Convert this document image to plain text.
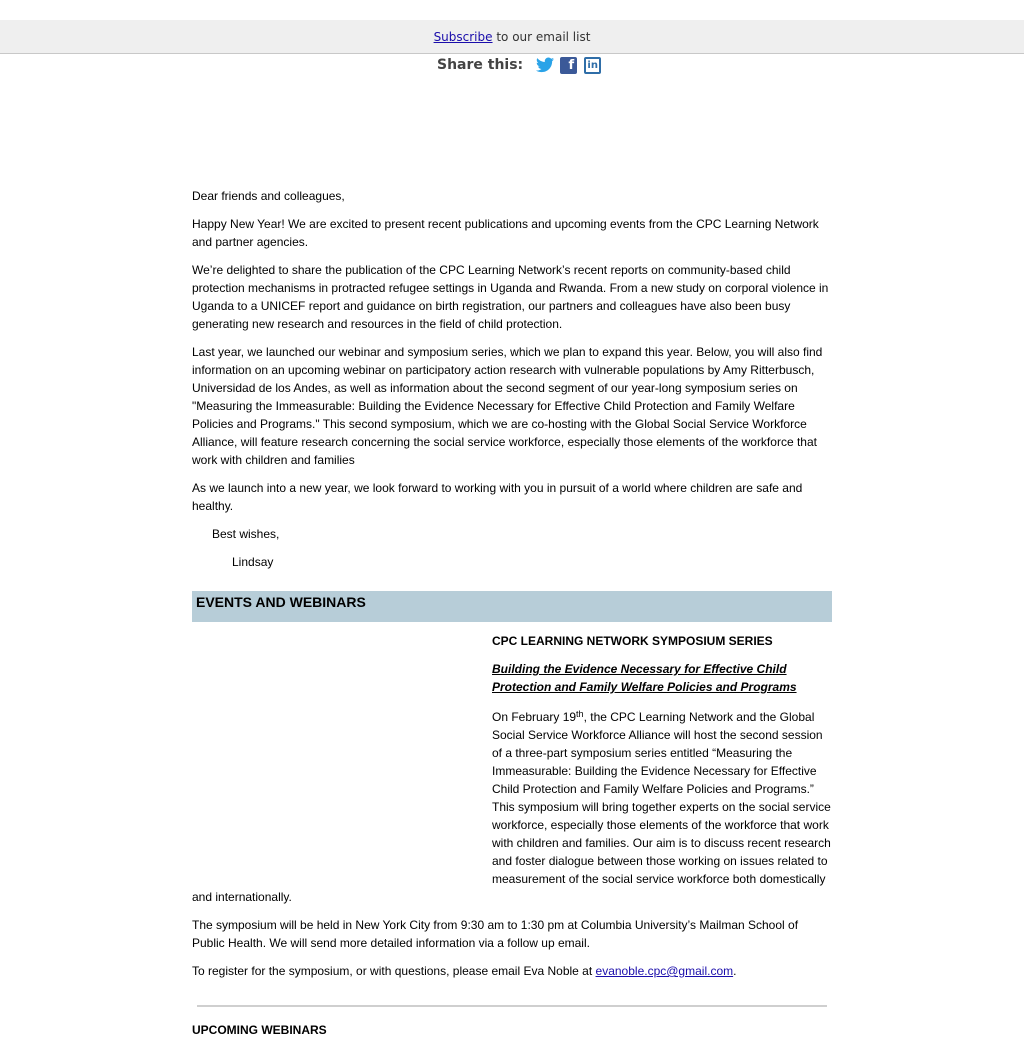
Subscribe to our email list
Share this:	f	in

Dear friends and colleagues,

Happy New Year! We are excited to present recent publications and upcoming events from the CPC Learning Network and partner agencies.

We’re delighted to share the publication of the CPC Learning Network’s recent reports on community-based child protection mechanisms in protracted refugee settings in Uganda and Rwanda. From a new study on corporal violence in Uganda to a UNICEF report and guidance on birth registration, our partners and colleagues have also been busy generating new research and resources in the field of child protection.

Last year, we launched our webinar and symposium series, which we plan to expand this year. Below, you will also find information on an upcoming webinar on participatory action research with vulnerable populations by Amy Ritterbusch, Universidad de los Andes, as well as information about the second segment of our year-long symposium series on "Measuring the Immeasurable: Building the Evidence Necessary for Effective Child Protection and Family Welfare Policies and Programs." This second symposium, which we are co-hosting with the Global Social Service Workforce Alliance, will feature research concerning the social service workforce, especially those elements of the workforce that work with children and families

As we launch into a new year, we look forward to working with you in pursuit of a world where children are safe and healthy.

Best wishes,
Lindsay
EVENTS AND WEBINARS
CPC LEARNING NETWORK SYMPOSIUM SERIES

Building the Evidence Necessary for Effective Child Protection and Family Welfare Policies and Programs

On February 19th, the CPC Learning Network and the Global Social Service Workforce Alliance will host the second session of a three-part symposium series entitled “Measuring the Immeasurable: Building the Evidence Necessary for Effective Child Protection and Family Welfare Policies and Programs.” This symposium will bring together experts on the social service workforce, especially those elements of the workforce that work with children and families. Our aim is to discuss recent research and foster dialogue between those working on issues related to measurement of the social service workforce both domestically and internationally.

The symposium will be held in New York City from 9:30 am to 1:30 pm at Columbia University’s Mailman School of Public Health. We will send more detailed information via a follow up email.

To register for the symposium, or with questions, please email Eva Noble at evanoble.cpc@gmail.com.

UPCOMING WEBINARS
